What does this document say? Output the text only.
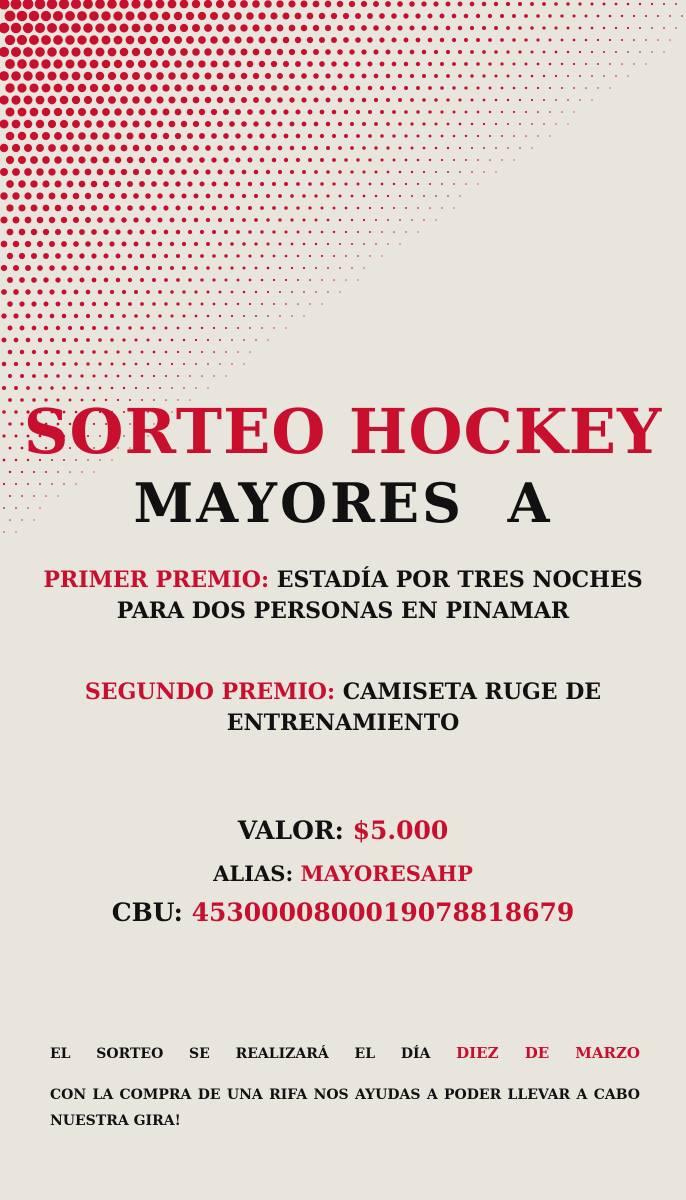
SORTEO HOCKEY
MAYORES  A
PRIMER PREMIO: ESTADÍA POR TRES NOCHES PARA DOS PERSONAS EN PINAMAR
SEGUNDO PREMIO: CAMISETA RUGE DE ENTRENAMIENTO
VALOR: $5.000
ALIAS: MAYORESAHP
CBU: 4530000800019078818679
EL SORTEO SE REALIZARÁ EL DÍA DIEZ DE MARZO
CON LA COMPRA DE UNA RIFA NOS AYUDAS A PODER LLEVAR A CABO NUESTRA GIRA!
